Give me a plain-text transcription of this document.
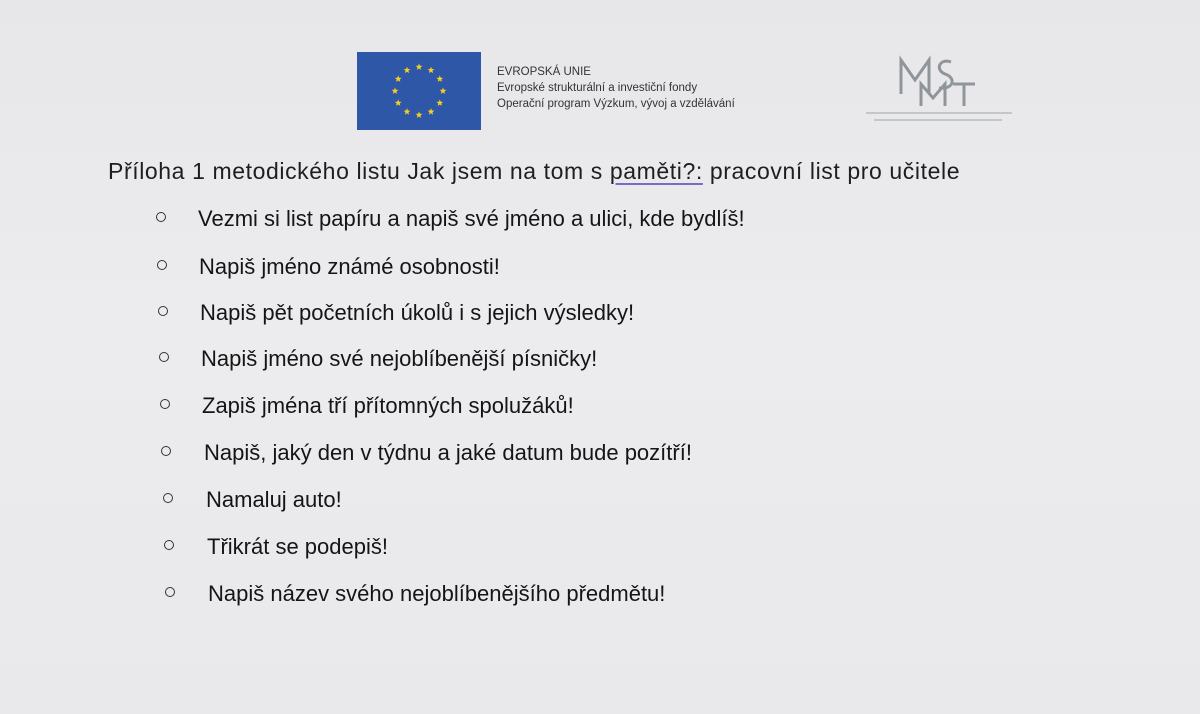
EVROPSKÁ UNIE
Evropské strukturální a investiční fondy
Operační program Výzkum, vývoj a vzdělávání
Příloha 1 metodického listu Jak jsem na tom s paměti?: pracovní list pro učitele
Vezmi si list papíru a napiš své jméno a ulici, kde bydlíš!
Napiš jméno známé osobnosti!
Napiš pět početních úkolů i s jejich výsledky!
Napiš jméno své nejoblíbenější písničky!
Zapiš jména tří přítomných spolužáků!
Napiš, jaký den v týdnu a jaké datum bude pozítří!
Namaluj auto!
Třikrát se podepiš!
Napiš název svého nejoblíbenějšího předmětu!
